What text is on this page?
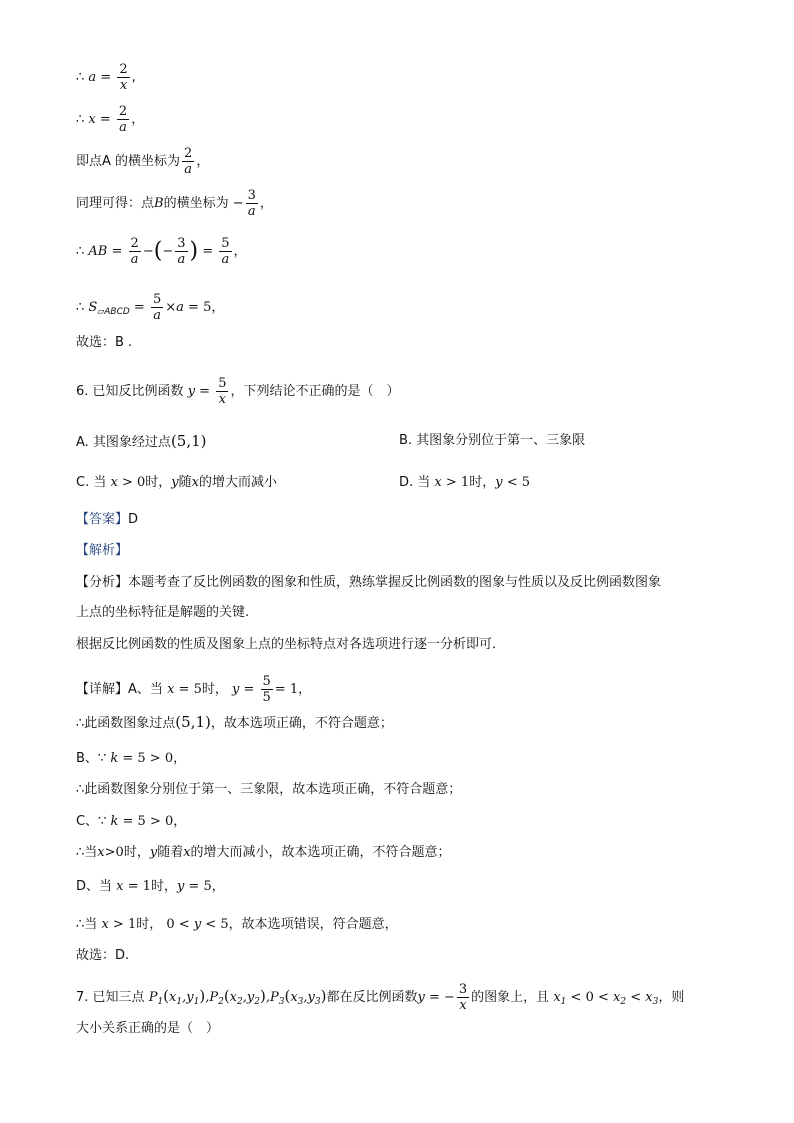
∴ $a = \frac{2}{x}$ ,
∴ $x = \frac{2}{a}$ ，
即点A 的横坐标为 $\frac{2}{a}$ ，
同理可得：点B的横坐标为 − $\frac{3}{a}$ ，
∴ AB = $\frac{2}{a}$ −(− $\frac{3}{a}$ ) = $\frac{5}{a}$ ，
∴ $S_{▱ABCD} = \frac{5}{a} \times a = 5$，
故选：B .
6. 已知反比例函数 $y = \frac{5}{x}$ ，下列结论不正确的是（　）
A. 其图象经过点(5,1)	B. 其图象分别位于第一、三象限
C. 当 x > 0时，y随x的增大而减小	D. 当 x > 1时，y < 5
【答案】D
【解析】
【分析】本题考查了反比例函数的图象和性质，熟练掌握反比例函数的图象与性质以及反比例函数图象
上点的坐标特征是解题的关键.
根据反比例函数的性质及图象上点的坐标特点对各选项进行逐一分析即可．
【详解】A、当 x = 5时， $y = \frac{5}{5} = 1$，
∴此函数图象过点(5,1)，故本选项正确，不符合题意；
B、∵ k = 5 > 0，
∴此函数图象分别位于第一、三象限，故本选项正确，不符合题意；
C、∵ k = 5 > 0，
∴当x>0时，y随着x的增大而减小，故本选项正确，不符合题意；
D、当 x = 1时，y = 5，
∴当 x > 1时， 0 < y < 5，故本选项错误，符合题意，
故选：D.
7. 已知三点 $P_1(x_1,y_1),P_2(x_2,y_2),P_3(x_3,y_3)$都在反比例函数y = − $\frac{3}{x}$ 的图象上，且 $x_1 < 0 < x_2 < x_3$，则
大小关系正确的是（　）
